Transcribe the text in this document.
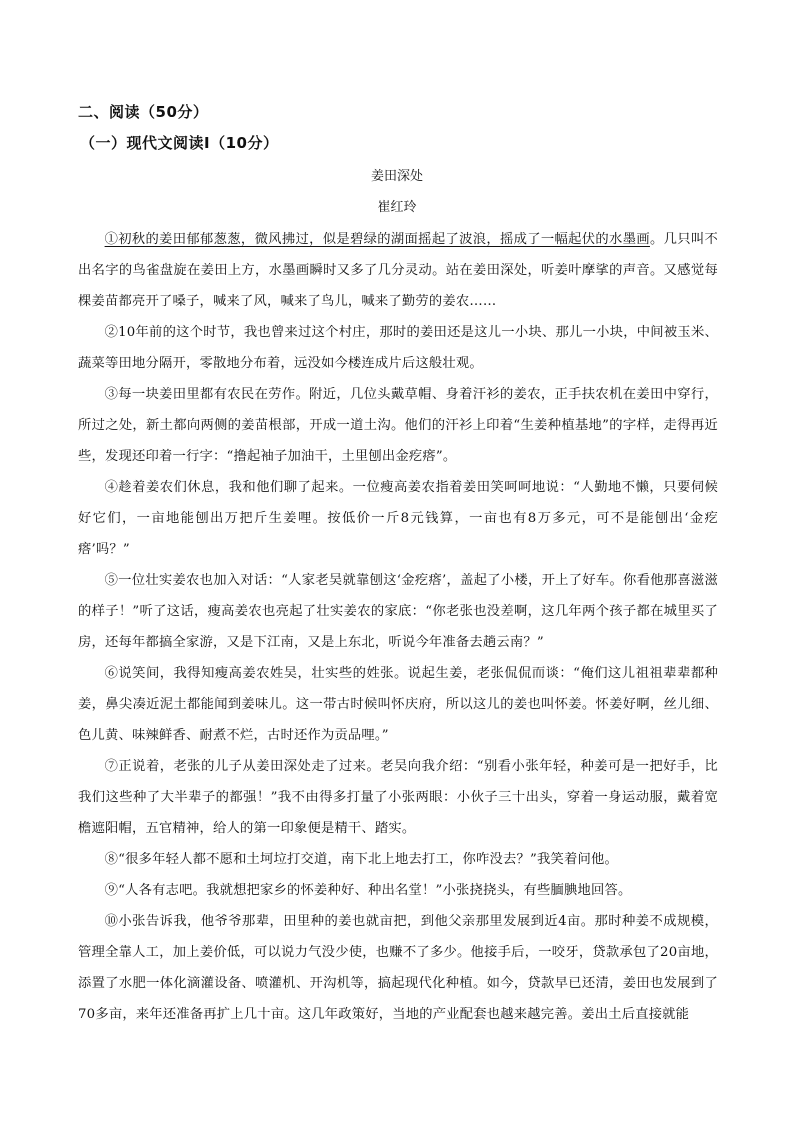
二、阅读（50分）
（一）现代文阅读Ⅰ（10分）
姜田深处
崔红玲

①初秋的姜田郁郁葱葱，微风拂过，似是碧绿的湖面摇起了波浪，摇成了一幅起伏的水墨画。几只叫不出名字的鸟雀盘旋在姜田上方，水墨画瞬时又多了几分灵动。站在姜田深处，听姜叶摩挲的声音。又感觉每棵姜苗都亮开了嗓子，喊来了风，喊来了鸟儿，喊来了勤劳的姜农……

②10年前的这个时节，我也曾来过这个村庄，那时的姜田还是这儿一小块、那儿一小块，中间被玉米、蔬菜等田地分隔开，零散地分布着，远没如今楼连成片后这般壮观。

③每一块姜田里都有农民在劳作。附近，几位头戴草帽、身着汗衫的姜农，正手扶农机在姜田中穿行，所过之处，新土都向两侧的姜苗根部，开成一道土沟。他们的汗衫上印着“生姜种植基地”的字样，走得再近些，发现还印着一行字：“撸起袖子加油干，土里刨出金疙瘩”。

④趁着姜农们休息，我和他们聊了起来。一位瘦高姜农指着姜田笑呵呵地说：“人勤地不懒，只要伺候好它们，一亩地能刨出万把斤生姜哩。按低价一斤8元钱算，一亩也有8万多元，可不是能刨出‘金疙瘩’吗？”

⑤一位壮实姜农也加入对话：“人家老吴就靠刨这‘金疙瘩’，盖起了小楼，开上了好车。你看他那喜滋滋的样子！”听了这话，瘦高姜农也亮起了壮实姜农的家底：“你老张也没差啊，这几年两个孩子都在城里买了房，还每年都搞全家游，又是下江南，又是上东北，听说今年准备去趟云南？”

⑥说笑间，我得知瘦高姜农姓吴，壮实些的姓张。说起生姜，老张侃侃而谈：“俺们这儿祖祖辈辈都种姜，鼻尖凑近泥土都能闻到姜味儿。这一带古时候叫怀庆府，所以这儿的姜也叫怀姜。怀姜好啊，丝儿细、色儿黄、味辣鲜香、耐煮不烂，古时还作为贡品哩。”

⑦正说着，老张的儿子从姜田深处走了过来。老吴向我介绍：“别看小张年轻，种姜可是一把好手，比我们这些种了大半辈子的都强！”我不由得多打量了小张两眼：小伙子三十出头，穿着一身运动服，戴着宽檐遮阳帽，五官精神，给人的第一印象便是精干、踏实。

⑧“很多年轻人都不愿和土坷垃打交道，南下北上地去打工，你咋没去？”我笑着问他。

⑨“人各有志吧。我就想把家乡的怀姜种好、种出名堂！”小张挠挠头，有些腼腆地回答。

⑩小张告诉我，他爷爷那辈，田里种的姜也就亩把，到他父亲那里发展到近4亩。那时种姜不成规模，管理全靠人工，加上姜价低，可以说力气没少使，也赚不了多少。他接手后，一咬牙，贷款承包了20亩地，添置了水肥一体化滴灌设备、喷灌机、开沟机等，搞起现代化种植。如今，贷款早已还清，姜田也发展到了70多亩，来年还准备再扩上几十亩。这几年政策好，当地的产业配套也越来越完善。姜出土后直接就能
